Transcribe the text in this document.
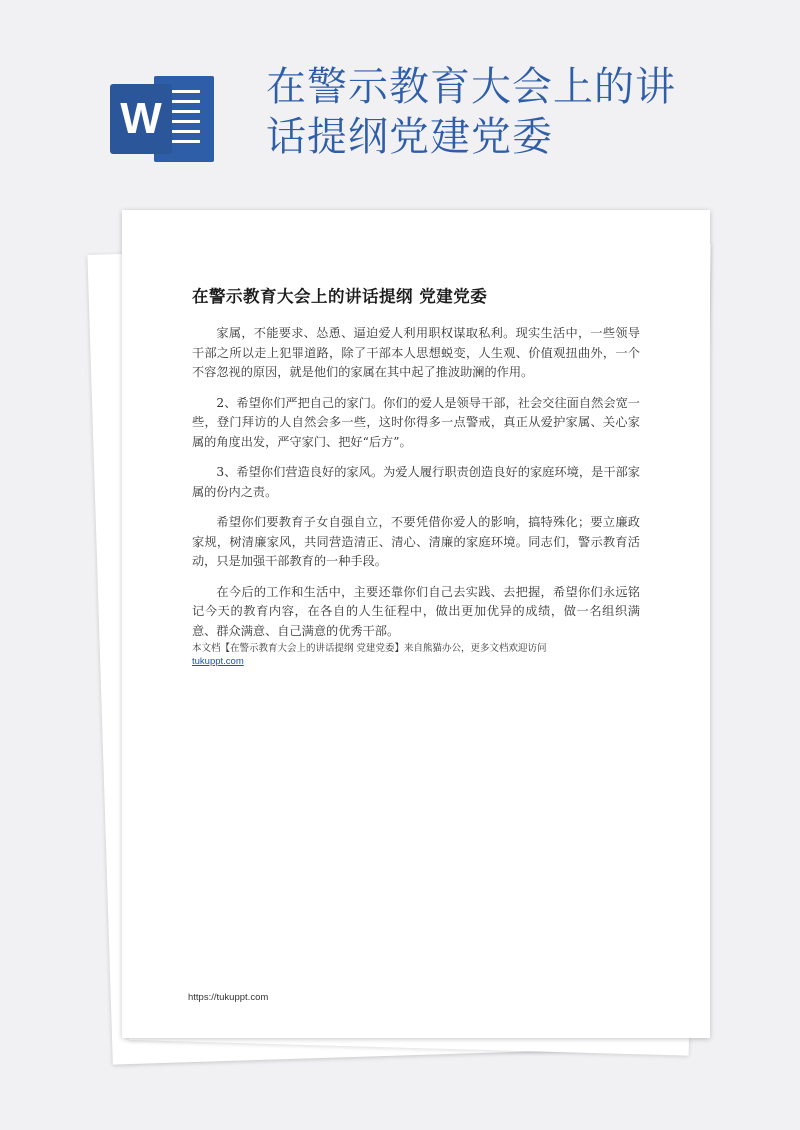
W
在警示教育大会上的讲话提纲党建党委
在警示教育大会上的讲话提纲 党建党委

家属，不能要求、怂恿、逼迫爱人利用职权谋取私利。现实生活中，一些领导干部之所以走上犯罪道路，除了干部本人思想蜕变，人生观、价值观扭曲外，一个不容忽视的原因，就是他们的家属在其中起了推波助澜的作用。

2、希望你们严把自己的家门。你们的爱人是领导干部，社会交往面自然会宽一些，登门拜访的人自然会多一些，这时你得多一点警戒，真正从爱护家属、关心家属的角度出发，严守家门、把好“后方”。

3、希望你们营造良好的家风。为爱人履行职责创造良好的家庭环境，是干部家属的份内之责。

希望你们要教育子女自强自立，不要凭借你爱人的影响，搞特殊化；要立廉政家规，树清廉家风，共同营造清正、清心、清廉的家庭环境。同志们，警示教育活动，只是加强干部教育的一种手段。

在今后的工作和生活中，主要还靠你们自己去实践、去把握，希望你们永远铭记今天的教育内容，在各自的人生征程中，做出更加优异的成绩，做一名组织满意、群众满意、自己满意的优秀干部。

本文档【在警示教育大会上的讲话提纲 党建党委】来自熊猫办公，更多文档欢迎访问
tukuppt.com
https://tukuppt.com
